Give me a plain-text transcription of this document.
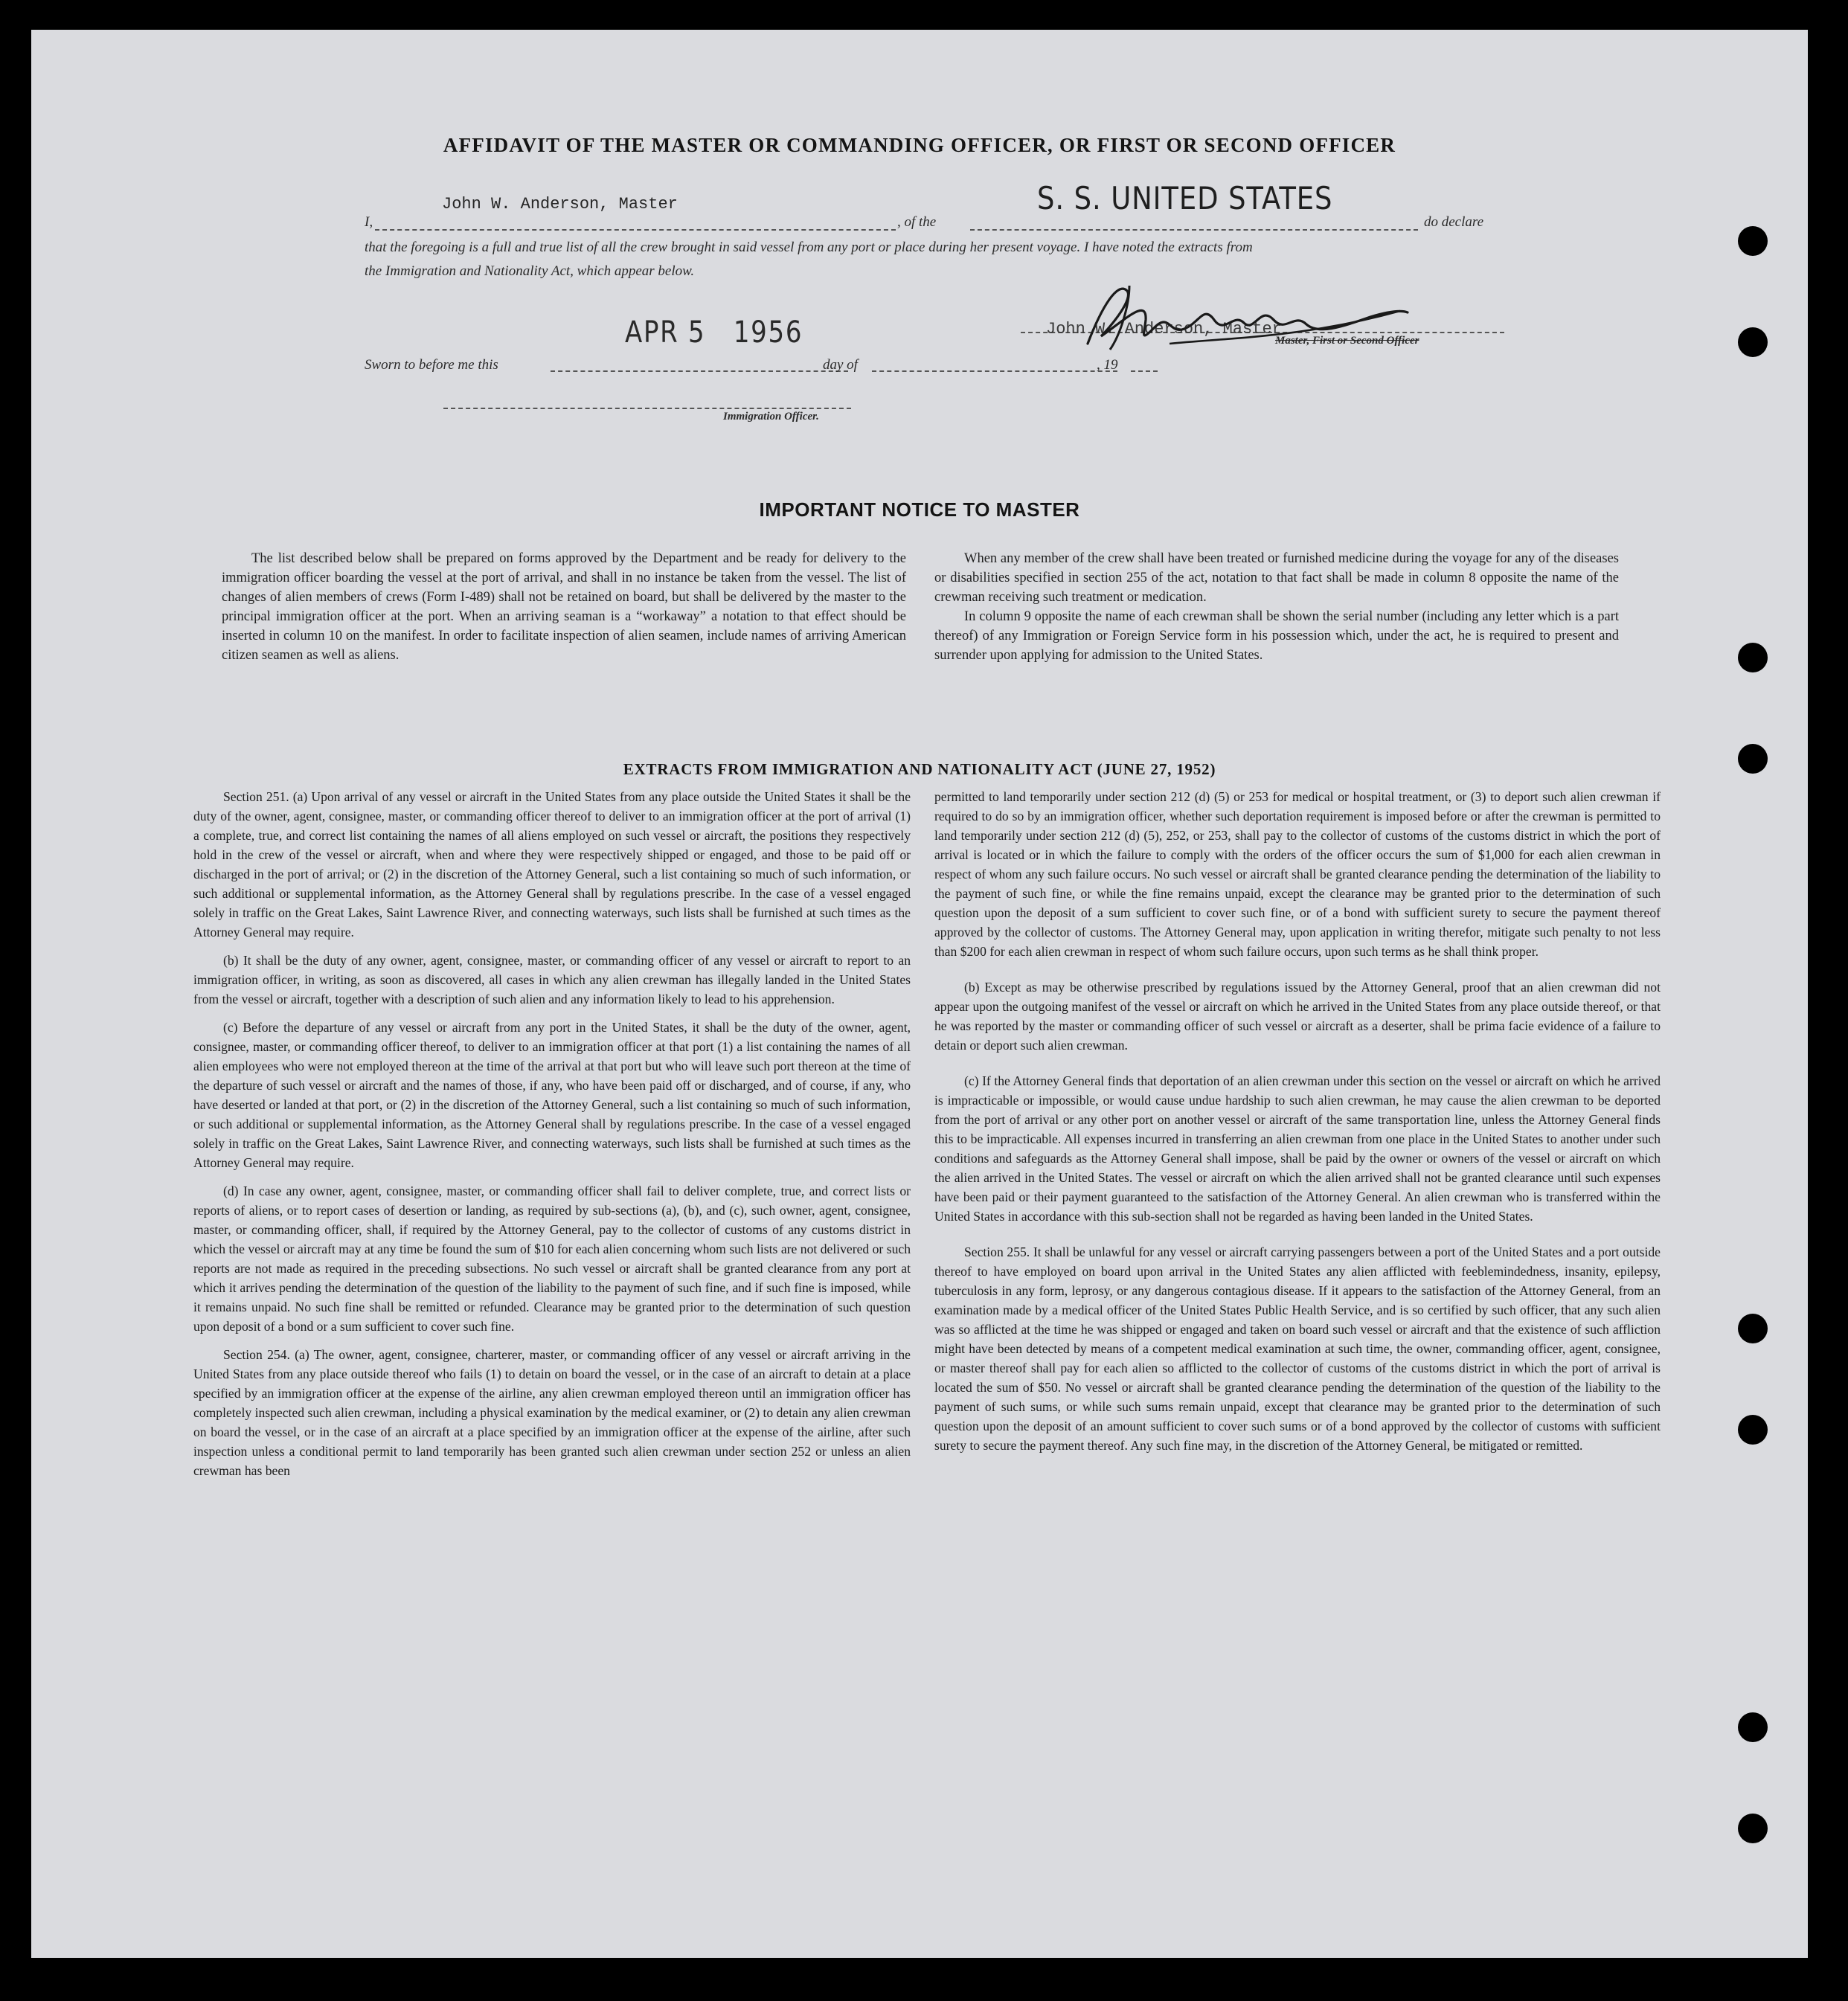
AFFIDAVIT OF THE MASTER OR COMMANDING OFFICER, OR FIRST OR SECOND OFFICER
I,
John W. Anderson, Master
, of the
S. S. UNITED STATES
do declare
that the foregoing is a full and true list of all the crew brought in said vessel from any port or place during her present voyage. I have noted the extracts from
the Immigration and Nationality Act, which appear below.
APR 5   1956	John W. Anderson, Master
Master, First or Second Officer
Sworn to before me this	day of	, 19
Immigration Officer.
IMPORTANT NOTICE TO MASTER

The list described below shall be prepared on forms approved by the Department and be ready for delivery to the immigration officer boarding the vessel at the port of arrival, and shall in no instance be taken from the vessel. The list of changes of alien members of crews (Form I-489) shall not be retained on board, but shall be delivered by the master to the principal immigration officer at the port. When an arriving seaman is a “workaway” a notation to that effect should be inserted in column 10 on the manifest. In order to facilitate inspection of alien seamen, include names of arriving American citizen seamen as well as aliens.

When any member of the crew shall have been treated or furnished medicine during the voyage for any of the diseases or disabilities specified in section 255 of the act, notation to that fact shall be made in column 8 opposite the name of the crewman receiving such treatment or medication.

In column 9 opposite the name of each crewman shall be shown the serial number (including any letter which is a part thereof) of any Immigration or Foreign Service form in his possession which, under the act, he is required to present and surrender upon applying for admission to the United States.

EXTRACTS FROM IMMIGRATION AND NATIONALITY ACT (JUNE 27, 1952)

Section 251. (a) Upon arrival of any vessel or aircraft in the United States from any place outside the United States it shall be the duty of the owner, agent, consignee, master, or commanding officer thereof to deliver to an immigration officer at the port of arrival (1) a complete, true, and correct list containing the names of all aliens employed on such vessel or aircraft, the positions they respectively hold in the crew of the vessel or aircraft, when and where they were respectively shipped or engaged, and those to be paid off or discharged in the port of arrival; or (2) in the discretion of the Attorney General, such a list containing so much of such information, or such additional or supplemental information, as the Attorney General shall by regulations prescribe. In the case of a vessel engaged solely in traffic on the Great Lakes, Saint Lawrence River, and connecting waterways, such lists shall be furnished at such times as the Attorney General may require.

(b) It shall be the duty of any owner, agent, consignee, master, or commanding officer of any vessel or aircraft to report to an immigration officer, in writing, as soon as discovered, all cases in which any alien crewman has illegally landed in the United States from the vessel or aircraft, together with a description of such alien and any information likely to lead to his apprehension.

(c) Before the departure of any vessel or aircraft from any port in the United States, it shall be the duty of the owner, agent, consignee, master, or commanding officer thereof, to deliver to an immigration officer at that port (1) a list containing the names of all alien employees who were not employed thereon at the time of the arrival at that port but who will leave such port thereon at the time of the departure of such vessel or aircraft and the names of those, if any, who have been paid off or discharged, and of course, if any, who have deserted or landed at that port, or (2) in the discretion of the Attorney General, such a list containing so much of such information, or such additional or supplemental information, as the Attorney General shall by regulations prescribe. In the case of a vessel engaged solely in traffic on the Great Lakes, Saint Lawrence River, and connecting waterways, such lists shall be furnished at such times as the Attorney General may require.

(d) In case any owner, agent, consignee, master, or commanding officer shall fail to deliver complete, true, and correct lists or reports of aliens, or to report cases of desertion or landing, as required by sub-sections (a), (b), and (c), such owner, agent, consignee, master, or commanding officer, shall, if required by the Attorney General, pay to the collector of customs of any customs district in which the vessel or aircraft may at any time be found the sum of $10 for each alien concerning whom such lists are not delivered or such reports are not made as required in the preceding subsections. No such vessel or aircraft shall be granted clearance from any port at which it arrives pending the determination of the question of the liability to the payment of such fine, and if such fine is imposed, while it remains unpaid. No such fine shall be remitted or refunded. Clearance may be granted prior to the determination of such question upon deposit of a bond or a sum sufficient to cover such fine.

Section 254. (a) The owner, agent, consignee, charterer, master, or commanding officer of any vessel or aircraft arriving in the United States from any place outside thereof who fails (1) to detain on board the vessel, or in the case of an aircraft to detain at a place specified by an immigration officer at the expense of the airline, any alien crewman employed thereon until an immigration officer has completely inspected such alien crewman, including a physical examination by the medical examiner, or (2) to detain any alien crewman on board the vessel, or in the case of an aircraft at a place specified by an immigration officer at the expense of the airline, after such inspection unless a conditional permit to land temporarily has been granted such alien crewman under section 252 or unless an alien crewman has been

permitted to land temporarily under section 212 (d) (5) or 253 for medical or hospital treatment, or (3) to deport such alien crewman if required to do so by an immigration officer, whether such deportation requirement is imposed before or after the crewman is permitted to land temporarily under section 212 (d) (5), 252, or 253, shall pay to the collector of customs of the customs district in which the port of arrival is located or in which the failure to comply with the orders of the officer occurs the sum of $1,000 for each alien crewman in respect of whom any such failure occurs. No such vessel or aircraft shall be granted clearance pending the determination of the liability to the payment of such fine, or while the fine remains unpaid, except the clearance may be granted prior to the determination of such question upon the deposit of a sum sufficient to cover such fine, or of a bond with sufficient surety to secure the payment thereof approved by the collector of customs. The Attorney General may, upon application in writing therefor, mitigate such penalty to not less than $200 for each alien crewman in respect of whom such failure occurs, upon such terms as he shall think proper.

(b) Except as may be otherwise prescribed by regulations issued by the Attorney General, proof that an alien crewman did not appear upon the outgoing manifest of the vessel or aircraft on which he arrived in the United States from any place outside thereof, or that he was reported by the master or commanding officer of such vessel or aircraft as a deserter, shall be prima facie evidence of a failure to detain or deport such alien crewman.

(c) If the Attorney General finds that deportation of an alien crewman under this section on the vessel or aircraft on which he arrived is impracticable or impossible, or would cause undue hardship to such alien crewman, he may cause the alien crewman to be deported from the port of arrival or any other port on another vessel or aircraft of the same transportation line, unless the Attorney General finds this to be impracticable. All expenses incurred in transferring an alien crewman from one place in the United States to another under such conditions and safeguards as the Attorney General shall impose, shall be paid by the owner or owners of the vessel or aircraft on which the alien arrived in the United States. The vessel or aircraft on which the alien arrived shall not be granted clearance until such expenses have been paid or their payment guaranteed to the satisfaction of the Attorney General. An alien crewman who is transferred within the United States in accordance with this sub-section shall not be regarded as having been landed in the United States.

Section 255. It shall be unlawful for any vessel or aircraft carrying passengers between a port of the United States and a port outside thereof to have employed on board upon arrival in the United States any alien afflicted with feeblemindedness, insanity, epilepsy, tuberculosis in any form, leprosy, or any dangerous contagious disease. If it appears to the satisfaction of the Attorney General, from an examination made by a medical officer of the United States Public Health Service, and is so certified by such officer, that any such alien was so afflicted at the time he was shipped or engaged and taken on board such vessel or aircraft and that the existence of such affliction might have been detected by means of a competent medical examination at such time, the owner, commanding officer, agent, consignee, or master thereof shall pay for each alien so afflicted to the collector of customs of the customs district in which the port of arrival is located the sum of $50. No vessel or aircraft shall be granted clearance pending the determination of the question of the liability to the payment of such sums, or while such sums remain unpaid, except that clearance may be granted prior to the determination of such question upon the deposit of an amount sufficient to cover such sums or of a bond approved by the collector of customs with sufficient surety to secure the payment thereof. Any such fine may, in the discretion of the Attorney General, be mitigated or remitted.
